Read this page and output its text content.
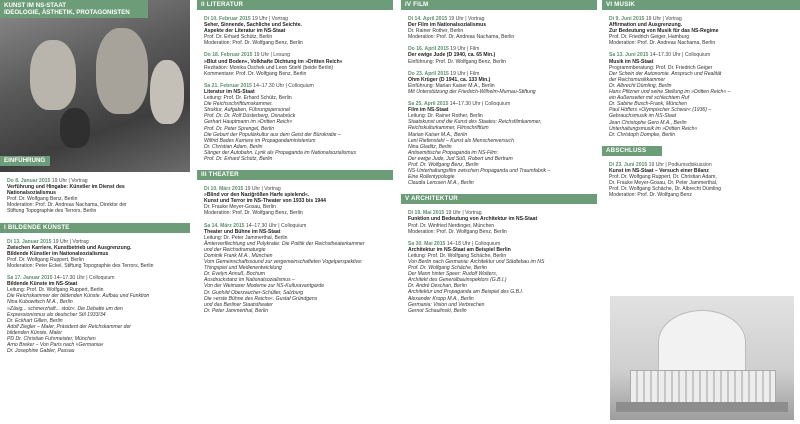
KUNST IM NS-STAAT
IDEOLOGIE, ÄSTHETIK, PROTAGONISTEN
EINFÜHRUNG
Do 8. Januar 2015 19 Uhr | Vortrag
Verführung und Hingabe: Künstler im Dienst des
Nationalsozialismus
Prof. Dr. Wolfgang Benz, Berlin
Moderation: Prof. Dr. Andreas Nachama, Direktor der
Stiftung Topographie des Terrors, Berlin
I BILDENDE KÜNSTE
Di 13. Januar 2015 19 Uhr | Vortrag
Zwischen Karriere, Kunstbetrieb und Ausgrenzung.
Bildende Künstler im Nationalsozialismus
Prof. Dr. Wolfgang Ruppert, Berlin
Moderation: Peter Eckel, Stiftung Topographie des Terrors, Berlin
Sa 17. Januar 2015 14–17.30 Uhr | Colloquium
Bildende Künste im NS-Staat
Leitung: Prof. Dr. Wolfgang Ruppert, Berlin
Die Reichskammer der bildenden Künste. Aufbau und Funktion
Nina Kubowitsch M.A., Berlin
»Zäsig... schmerzhaft... stolz«. Die Debatte um den
Expressionismus als deutscher Stil 1933/34
Dr. Eckhart Gillen, Berlin
Adolf Ziegler – Maler, Präsident der Reichskammer der
bildenden Künste, Maler
PD Dr. Christian Fuhrmeister, München
Arno Breker – Von Paris nach »Germania«
Dr. Josephine Gabler, Passau
II LITERATUR
Di 10. Februar 2015 19 Uhr | Vortrag
Seher, Sinnende, Sachliche und Seichte.
Aspekte der Literatur im NS-Staat
Prof. Dr. Erhard Schütz, Berlin
Moderation: Prof. Dr. Wolfgang Benz, Berlin
Do 18. Februar 2015 19 Uhr | Lesung
»Blut und Boden«, Volkhafte Dichtung im »Dritten Reich«
Rezitation: Monika Oschek und Leon Stiehl (beide Berlin)
Kommentare: Prof. Dr. Wolfgang Benz, Berlin
Sa 21. Februar 2015 14–17.30 Uhr | Colloquium
Literatur im NS-Staat
Leitung: Prof. Dr. Erhard Schütz, Berlin
Die Reichsschrifttumskammer.
Struktur, Aufgaben, Führungspersonal
Prof. Dr. Dr. Rolf Düsterberg, Osnabrück
Gerhart Hauptmann im »Dritten Reich«
Prof. Dr. Peter Sprengel, Berlin
Die Geburt der Populärkultur aus dem Geist der Bürokratie –
Wilfrid Bades Karriere im Propagandaministerium
Dr. Christian Adam, Berlin
Sänger der Autobahn. Lyrik als Propaganda im Nationalsozialismus
Prof. Dr. Erhard Schütz, Berlin
III THEATER
Di 10. März 2015 19 Uhr | Vortrag
»Blind vor den Naziğrößen Harfe spielend«.
Kunst und Terror im NS-Theater von 1933 bis 1944
Dr. Frauke Meyer-Gosau, Berlin
Moderation: Prof. Dr. Wolfgang Benz, Berlin
Sa 14. März 2015 14–17.30 Uhr | Colloquium
Theater und Bühne im NS-Staat
Leitung: Dr. Peter Jammerthal, Berlin
Ämterverflechtung und Polykratie: Die Politik der Reichstheaterkammer
und der Reichsdramaturgie
Dominik Frank M.A., München
Vom Gemeinschaftssound zur vergemeinschafteten Vogelperspektive:
Thingspiel und Medienentwicklung
Dr. Evelyn Annuß, Bochum
Ausdruckstanz im Nationalsozialismus –
Von der Weimarer Moderne zur NS-Kulturavantgarde
Dr. Gunhild Oberzaucher-Schüller, Salzburg
Die »erste Bühne des Reichs«. Gustaf Gründgens
und das Berliner Staatstheater
Dr. Peter Jammerthal, Berlin
IV FILM
Di 14. April 2015 19 Uhr | Vortrag
Der Film im Nationalsozialismus
Dr. Rainer Rother, Berlin
Moderation: Prof. Dr. Andreas Nachama, Berlin
Do 16. April 2015 19 Uhr | Film
Der ewige Jude (D 1940, ca. 65 Min.)
Einführung: Prof. Dr. Wolfgang Benz, Berlin
Do 23. April 2015 19 Uhr | Film
Ohm Krüger (D 1941, ca. 133 Min.)
Einführung: Marian Kaiser M.A., Berlin
Mit Unterstützung der Friedrich-Wilhelm-Murnau-Stiftung
Sa 25. April 2015 14–17.30 Uhr | Colloquium
Film im NS-Staat
Leitung: Dr. Rainer Rother, Berlin
Staatskunst und die Kunst des Staates: Reichsfilmkammer,
Reichskulturkammer, Filmschrifttum
Marian Kaiser M.A., Berlin
Leni Riefenstahl – Kunst als Menschenversuch
Nina Gladitz, Berlin
Antisemitische Propaganda im NS-Film:
Der ewige Jude, Jud Süß, Robert und Bertram
Prof. Dr. Wolfgang Benz, Berlin
NS-Unterhaltungsfilm zwischen Propaganda und Traumfabrik –
Eine Rollentypologie
Claudia Lenssen M.A., Berlin
V ARCHITEKTUR
Di 19. Mai 2015 19 Uhr | Vortrag
Funktion und Bedeutung von Architektur im NS-Staat
Prof. Dr. Winfried Nerdinger, München
Moderation: Prof. Dr. Wolfgang Benz, Berlin
Sa 30. Mai 2015 14–18 Uhr | Colloquium
Architektur im NS-Staat am Beispiel Berlin
Leitung: Prof. Dr. Wolfgang Schäche, Berlin
Von Berlin nach Germania: Architektur und Städtebau im NS
Prof. Dr. Wolfgang Schäche, Berlin
Der Mann hinter Speer: Rudolf Wolters,
Architekt des Generalbauinspektors (G.B.I.)
Dr. André Deschan, Berlin
Architektur und Propaganda am Beispiel des G.B.I.
Alexander Kropp M.A., Berlin
Germania: Vision und Verbrechen
Gernot Schaulinski, Berlin
VI MUSIK
Di 9. Juni 2015 19 Uhr | Vortrag
Affirmation und Ausgrenzung.
Zur Bedeutung von Musik für das NS-Regime
Prof. Dr. Friedrich Geiger, Hamburg
Moderation: Prof. Dr. Andreas Nachama, Berlin
Sa 13. Juni 2015 14–17.30 Uhr | Colloquium
Musik im NS-Staat
Programmberatung: Prof. Dr. Friedrich Geiger
Der Schein der Autonomie. Anspruch und Realität
der Reichsmusikkammer
Dr. Albrecht Dümling, Berlin
Hans Pfitzner und seine Stellung im »Dritten Reich« –
ein Außenseiter mit schlechtem Ruf
Dr. Sabine Busch-Frank, München
Paul Höffers »Olympischer Schwur« (1936) –
Gebrauchsmusik im NS-Staat
Jean Christophe Gero M.A., Berlin
Unterhaltungsmusik im »Dritten Reich«
Dr. Christoph Dompke, Berlin
ABSCHLUSS
Di 23. Juni 2015 19 Uhr | Podiumsdiskussion
Kunst im NS-Staat – Versuch einer Bilanz
Prof. Dr. Wolfgang Ruppert, Dr. Christian Adam,
Dr. Frauke Meyer-Gosau, Dr. Peter Jammerthal,
Prof. Dr. Wolfgang Schäche, Dr. Albrecht Dümling
Moderation: Prof. Dr. Wolfgang Benz
